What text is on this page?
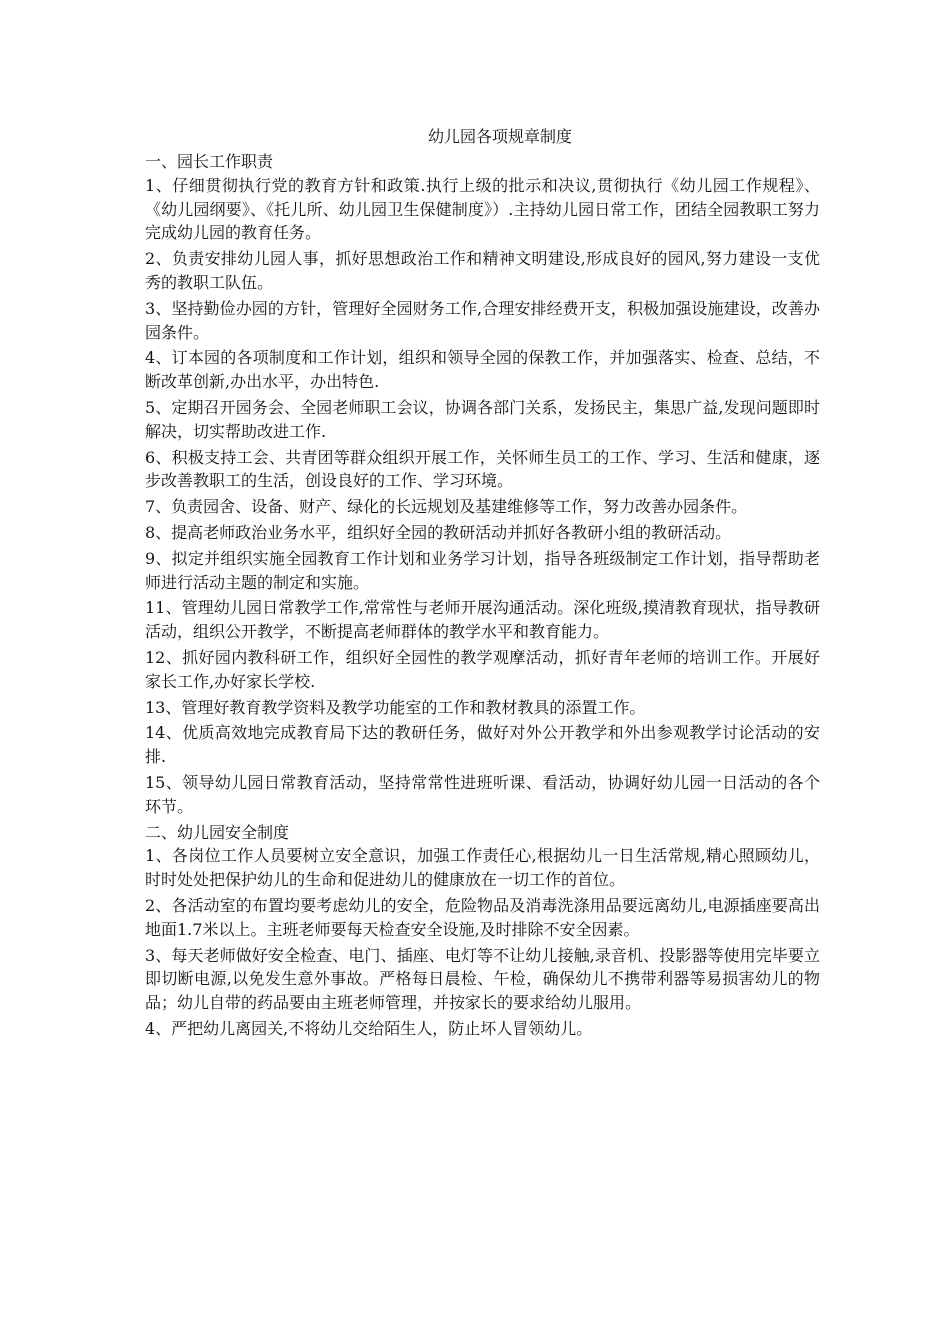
幼儿园各项规章制度

一、园长工作职责

1、仔细贯彻执行党的教育方针和政策.执行上级的批示和决议,贯彻执行《幼儿园工作规程》、《幼儿园纲要》、《托儿所、幼儿园卫生保健制度》）.主持幼儿园日常工作，团结全园教职工努力完成幼儿园的教育任务。

2、负责安排幼儿园人事，抓好思想政治工作和精神文明建设,形成良好的园风,努力建设一支优秀的教职工队伍。

3、坚持勤俭办园的方针，管理好全园财务工作,合理安排经费开支，积极加强设施建设，改善办园条件。

4、订本园的各项制度和工作计划，组织和领导全园的保教工作，并加强落实、检查、总结，不断改革创新,办出水平，办出特色.

5、定期召开园务会、全园老师职工会议，协调各部门关系，发扬民主，集思广益,发现问题即时解决，切实帮助改进工作.

6、积极支持工会、共青团等群众组织开展工作，关怀师生员工的工作、学习、生活和健康，逐步改善教职工的生活，创设良好的工作、学习环境。

7、负责园舍、设备、财产、绿化的长远规划及基建维修等工作，努力改善办园条件。

8、提高老师政治业务水平，组织好全园的教研活动并抓好各教研小组的教研活动。

9、拟定并组织实施全园教育工作计划和业务学习计划，指导各班级制定工作计划，指导帮助老师进行活动主题的制定和实施。

11、管理幼儿园日常教学工作,常常性与老师开展沟通活动。深化班级,摸清教育现状，指导教研活动，组织公开教学，不断提高老师群体的教学水平和教育能力。

12、抓好园内教科研工作，组织好全园性的教学观摩活动，抓好青年老师的培训工作。开展好家长工作,办好家长学校.

13、管理好教育教学资料及教学功能室的工作和教材教具的添置工作。

14、优质高效地完成教育局下达的教研任务，做好对外公开教学和外出参观教学讨论活动的安排.

15、领导幼儿园日常教育活动，坚持常常性进班听课、看活动，协调好幼儿园一日活动的各个环节。

二、幼儿园安全制度

1、各岗位工作人员要树立安全意识，加强工作责任心,根据幼儿一日生活常规,精心照顾幼儿，时时处处把保护幼儿的生命和促进幼儿的健康放在一切工作的首位。

2、各活动室的布置均要考虑幼儿的安全，危险物品及消毒洗涤用品要远离幼儿,电源插座要高出地面1.7米以上。主班老师要每天检查安全设施,及时排除不安全因素。

3、每天老师做好安全检查、电门、插座、电灯等不让幼儿接触,录音机、投影器等使用完毕要立即切断电源,以免发生意外事故。严格每日晨检、午检，确保幼儿不携带利器等易损害幼儿的物品；幼儿自带的药品要由主班老师管理，并按家长的要求给幼儿服用。

4、严把幼儿离园关,不将幼儿交给陌生人，防止坏人冒领幼儿。
